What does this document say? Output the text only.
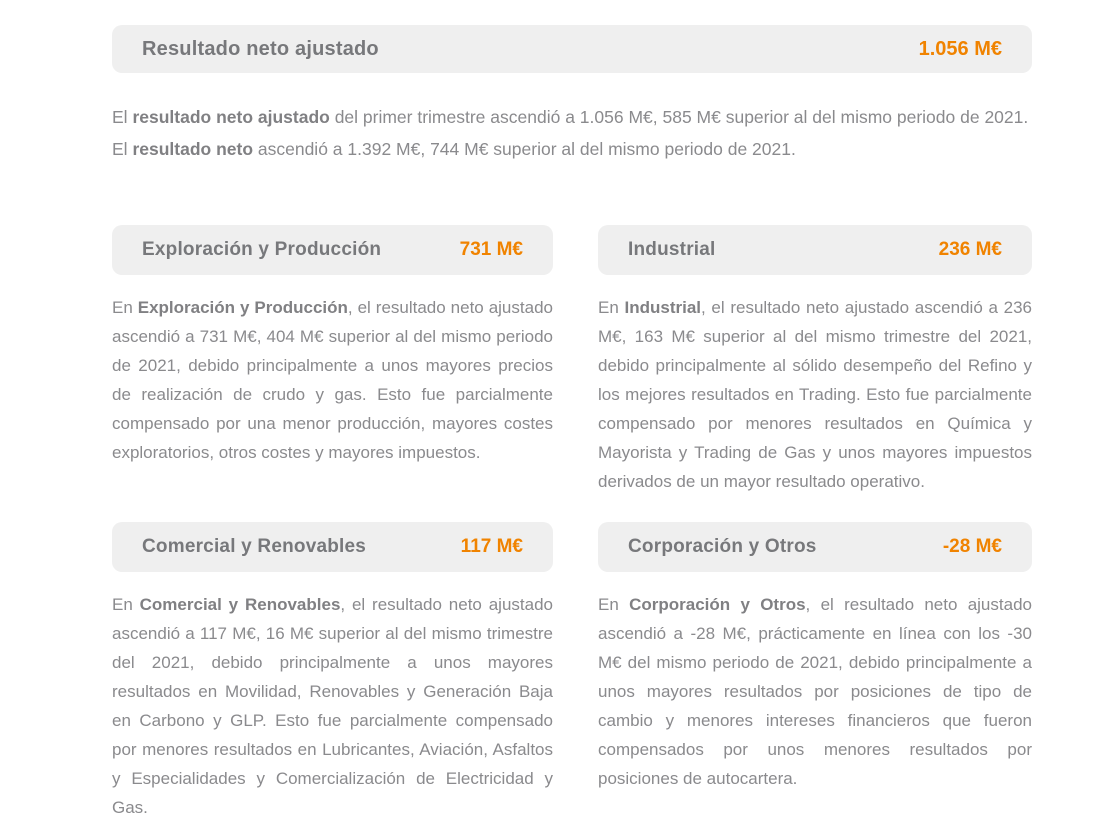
Resultado neto ajustado	1.056 M€

El resultado neto ajustado del primer trimestre ascendió a 1.056 M€, 585 M€ superior al del mismo periodo de 2021. El resultado neto ascendió a 1.392 M€, 744 M€ superior al del mismo periodo de 2021.

Exploración y Producción	731 M€

En Exploración y Producción, el resultado neto ajustado ascendió a 731 M€, 404 M€ superior al del mismo periodo de 2021, debido principalmente a unos mayores precios de realización de crudo y gas. Esto fue parcialmente compensado por una menor producción, mayores costes exploratorios, otros costes y mayores impuestos.

Industrial	236 M€

En Industrial, el resultado neto ajustado ascendió a 236 M€, 163 M€ superior al del mismo trimestre del 2021, debido principalmente al sólido desempeño del Refino y los mejores resultados en Trading. Esto fue parcialmente compensado por menores resultados en Química y Mayorista y Trading de Gas y unos mayores impuestos derivados de un mayor resultado operativo.

Comercial y Renovables	117 M€

En Comercial y Renovables, el resultado neto ajustado ascendió a 117 M€, 16 M€ superior al del mismo trimestre del 2021, debido principalmente a unos mayores resultados en Movilidad, Renovables y Generación Baja en Carbono y GLP. Esto fue parcialmente compensado por menores resultados en Lubricantes, Aviación, Asfaltos y Especialidades y Comercialización de Electricidad y Gas.

Corporación y Otros	-28 M€

En Corporación y Otros, el resultado neto ajustado ascendió a -28 M€, prácticamente en línea con los -30 M€ del mismo periodo de 2021, debido principalmente a unos mayores resultados por posiciones de tipo de cambio y menores intereses financieros que fueron compensados por unos menores resultados por posiciones de autocartera.
